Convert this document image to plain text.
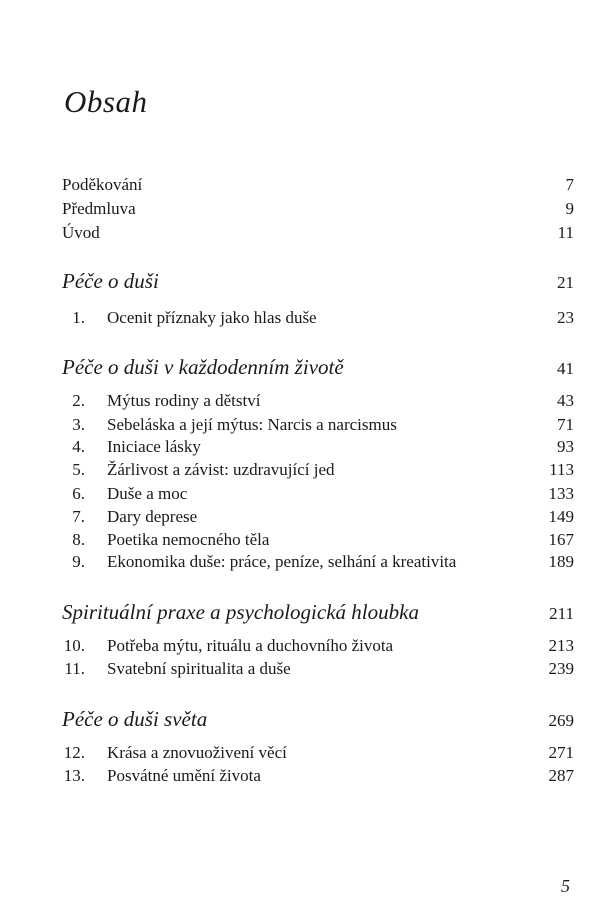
Obsah
Poděkování	7
Předmluva	9
Úvod	11
Péče o duši	21
1. Ocenit příznaky jako hlas duše	23
Péče o duši v každodenním životě	41
2. Mýtus rodiny a dětství	43
3. Sebeláska a její mýtus: Narcis a narcismus	71
4. Iniciace lásky	93
5. Žárlivost a závist: uzdravující jed	113
6. Duše a moc	133
7. Dary deprese	149
8. Poetika nemocného těla	167
9. Ekonomika duše: práce, peníze, selhání a kreativita	189
Spirituální praxe a psychologická hloubka	211
10. Potřeba mýtu, rituálu a duchovního života	213
11. Svatební spiritualita a duše	239
Péče o duši světa	269
12. Krása a znovuoživení věcí	271
13. Posvátné umění života	287
5
